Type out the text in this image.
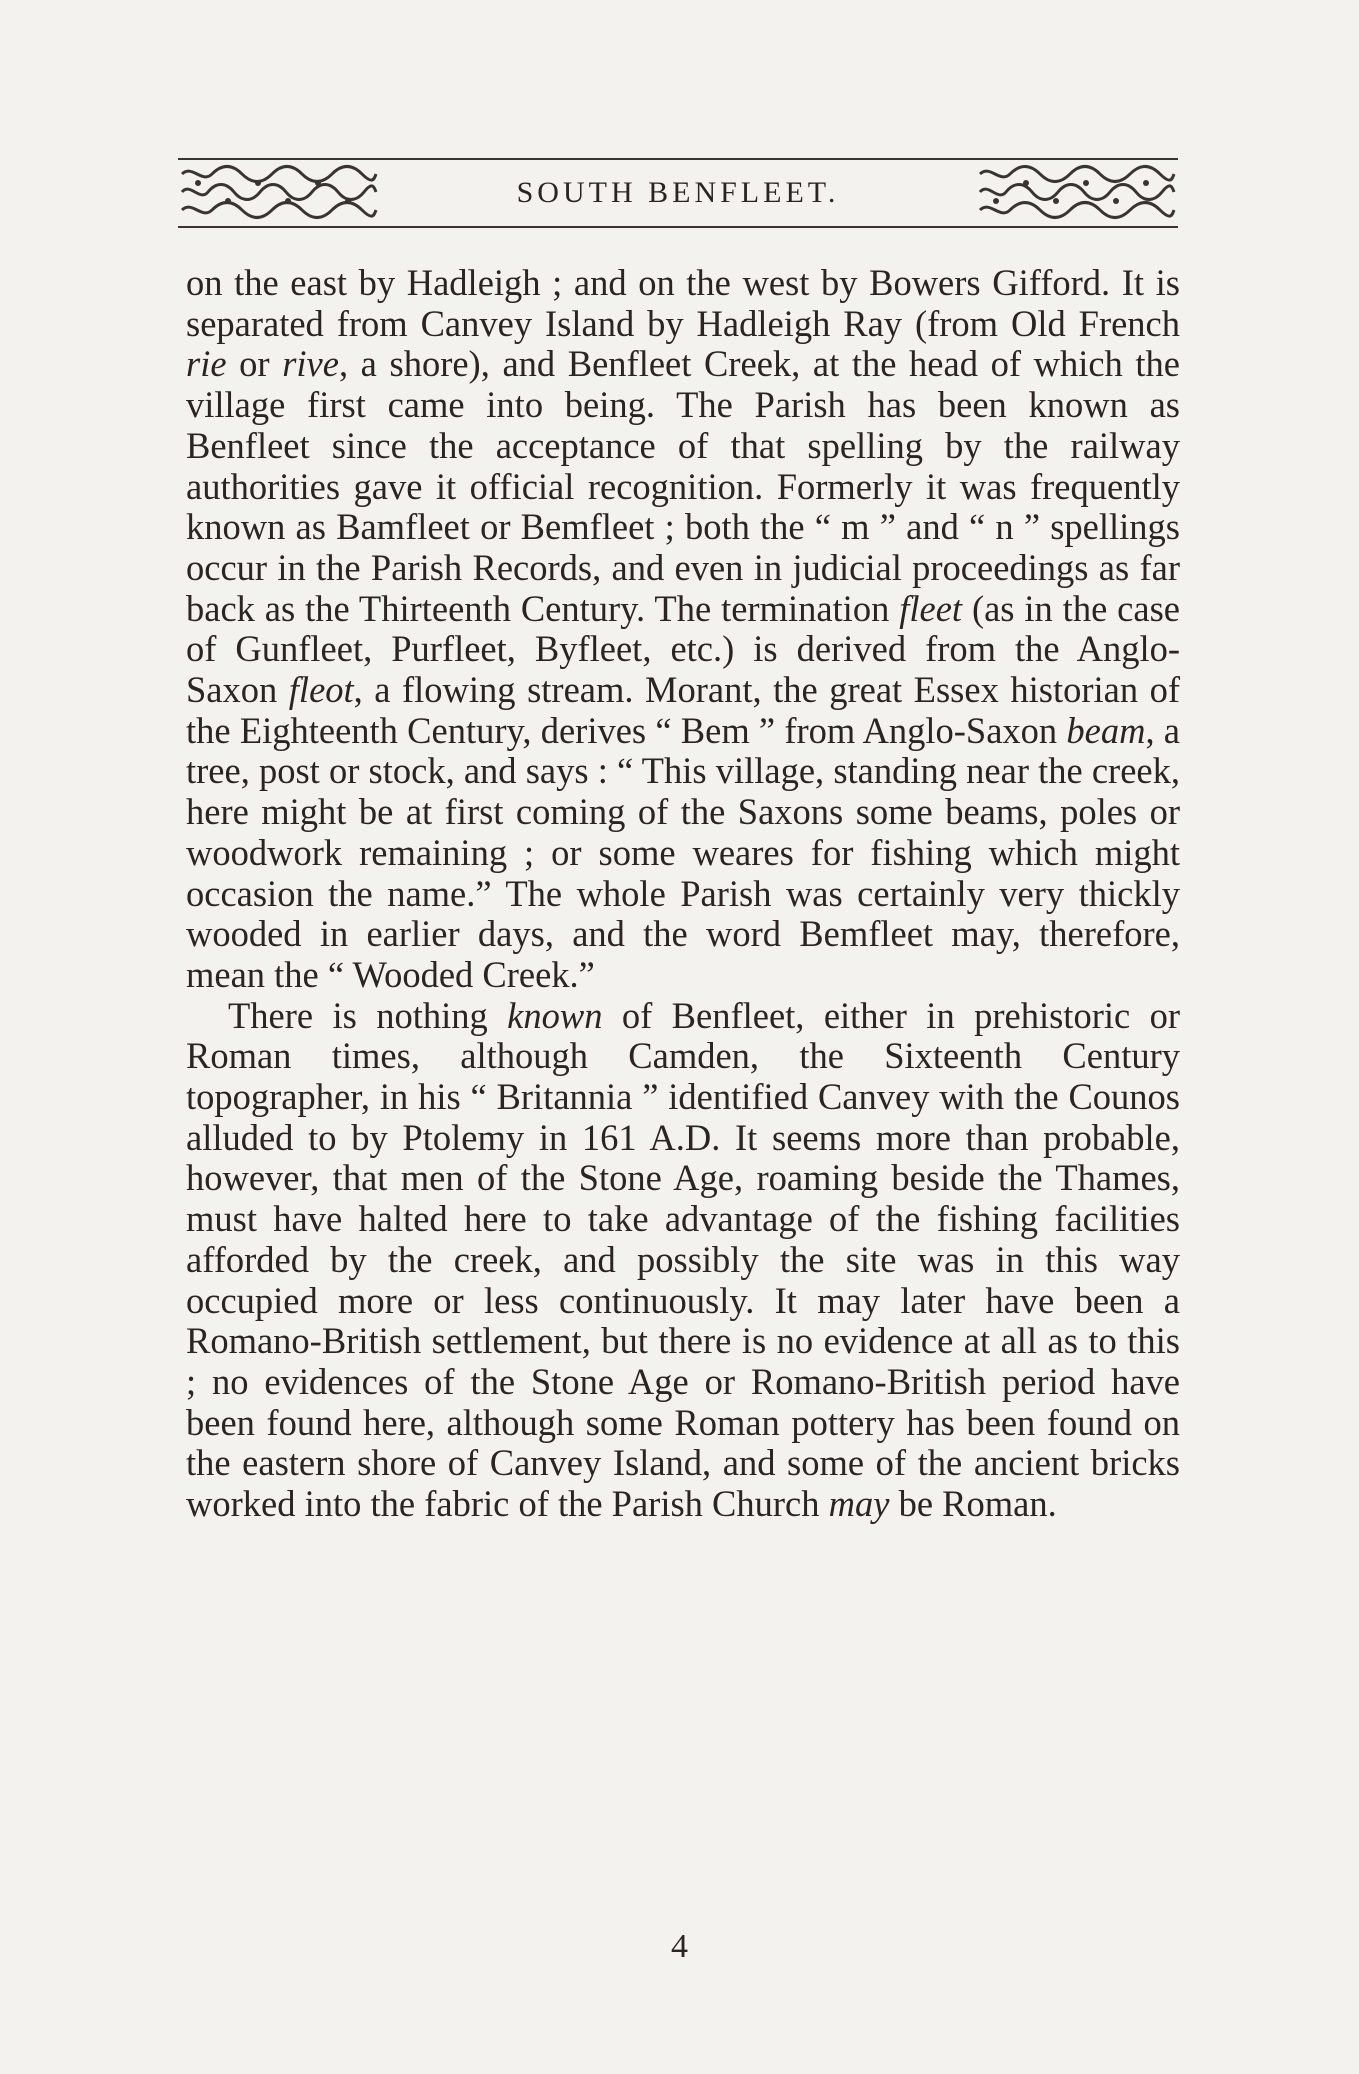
SOUTH BENFLEET.

on the east by Hadleigh ; and on the west by Bowers Gifford. It is separated from Canvey Island by Hadleigh Ray (from Old French rie or rive, a shore), and Benfleet Creek, at the head of which the village first came into being. The Parish has been known as Benfleet since the acceptance of that spelling by the railway authorities gave it official recognition. Formerly it was frequently known as Bamfleet or Bemfleet ; both the “ m ” and “ n ” spellings occur in the Parish Records, and even in judicial proceedings as far back as the Thirteenth Century. The termination fleet (as in the case of Gunfleet, Purfleet, Byfleet, etc.) is derived from the Anglo-Saxon fleot, a flowing stream. Morant, the great Essex historian of the Eighteenth Century, derives “ Bem ” from Anglo-Saxon beam, a tree, post or stock, and says : “ This village, standing near the creek, here might be at first coming of the Saxons some beams, poles or woodwork remaining ; or some weares for fishing which might occasion the name.” The whole Parish was certainly very thickly wooded in earlier days, and the word Bemfleet may, therefore, mean the “ Wooded Creek.”

There is nothing known of Benfleet, either in prehistoric or Roman times, although Camden, the Sixteenth Century topographer, in his “ Britannia ” identified Canvey with the Counos alluded to by Ptolemy in 161 A.D. It seems more than probable, however, that men of the Stone Age, roaming beside the Thames, must have halted here to take advantage of the fishing facilities afforded by the creek, and possibly the site was in this way occupied more or less continuously. It may later have been a Romano-British settlement, but there is no evidence at all as to this ; no evidences of the Stone Age or Romano-British period have been found here, although some Roman pottery has been found on the eastern shore of Canvey Island, and some of the ancient bricks worked into the fabric of the Parish Church may be Roman.

4
